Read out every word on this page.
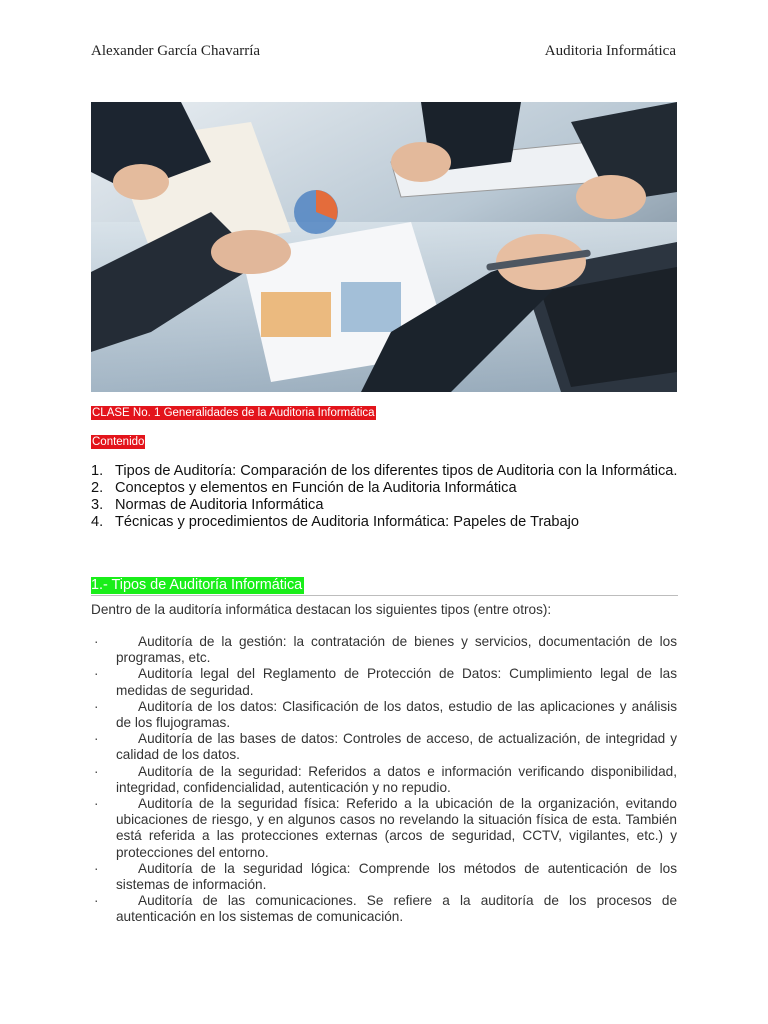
Alexander García Chavarría	Auditoria Informática
CLASE No. 1 Generalidades de la Auditoria Informática
Contenido
1. Tipos de Auditoría: Comparación de los diferentes tipos de Auditoria con la Informática.
2. Conceptos y elementos en Función de la Auditoria Informática
3. Normas de Auditoria Informática
4. Técnicas y procedimientos de Auditoria Informática: Papeles de Trabajo
1.- Tipos de Auditoría Informática
Dentro de la auditoría informática destacan los siguientes tipos (entre otros):
·	Auditoría de la gestión: la contratación de bienes y servicios, documentación de los programas, etc.
·	Auditoría legal del Reglamento de Protección de Datos: Cumplimiento legal de las medidas de seguridad.
·	Auditoría de los datos: Clasificación de los datos, estudio de las aplicaciones y análisis de los flujogramas.
·	Auditoría de las bases de datos: Controles de acceso, de actualización, de integridad y calidad de los datos.
·	Auditoría de la seguridad: Referidos a datos e información verificando disponibilidad, integridad, confidencialidad, autenticación y no repudio.
·	Auditoría de la seguridad física: Referido a la ubicación de la organización, evitando ubicaciones de riesgo, y en algunos casos no revelando la situación física de esta. También está referida a las protecciones externas (arcos de seguridad, CCTV, vigilantes, etc.) y protecciones del entorno.
·	Auditoría de la seguridad lógica: Comprende los métodos de autenticación de los sistemas de información.
·	Auditoría de las comunicaciones. Se refiere a la auditoría de los procesos de autenticación en los sistemas de comunicación.
